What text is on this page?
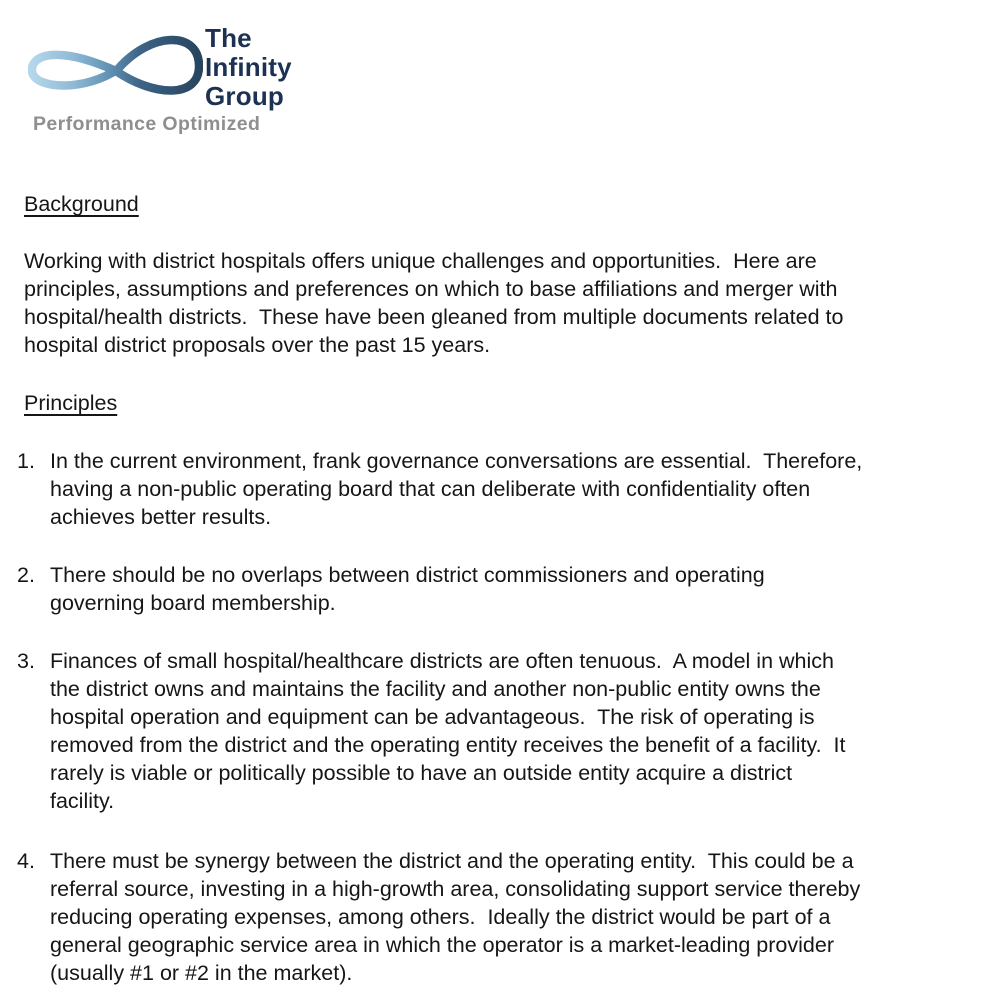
The
Infinity
Group
Performance Optimized
Background
Working with district hospitals offers unique challenges and opportunities.  Here are
principles, assumptions and preferences on which to base affiliations and merger with
hospital/health districts.  These have been gleaned from multiple documents related to
hospital district proposals over the past 15 years.
Principles
1. In the current environment, frank governance conversations are essential.  Therefore,
having a non-public operating board that can deliberate with confidentiality often
achieves better results.
2. There should be no overlaps between district commissioners and operating
governing board membership.
3. Finances of small hospital/healthcare districts are often tenuous.  A model in which
the district owns and maintains the facility and another non-public entity owns the
hospital operation and equipment can be advantageous.  The risk of operating is
removed from the district and the operating entity receives the benefit of a facility.  It
rarely is viable or politically possible to have an outside entity acquire a district
facility.
4. There must be synergy between the district and the operating entity.  This could be a
referral source, investing in a high-growth area, consolidating support service thereby
reducing operating expenses, among others.  Ideally the district would be part of a
general geographic service area in which the operator is a market-leading provider
(usually #1 or #2 in the market).
